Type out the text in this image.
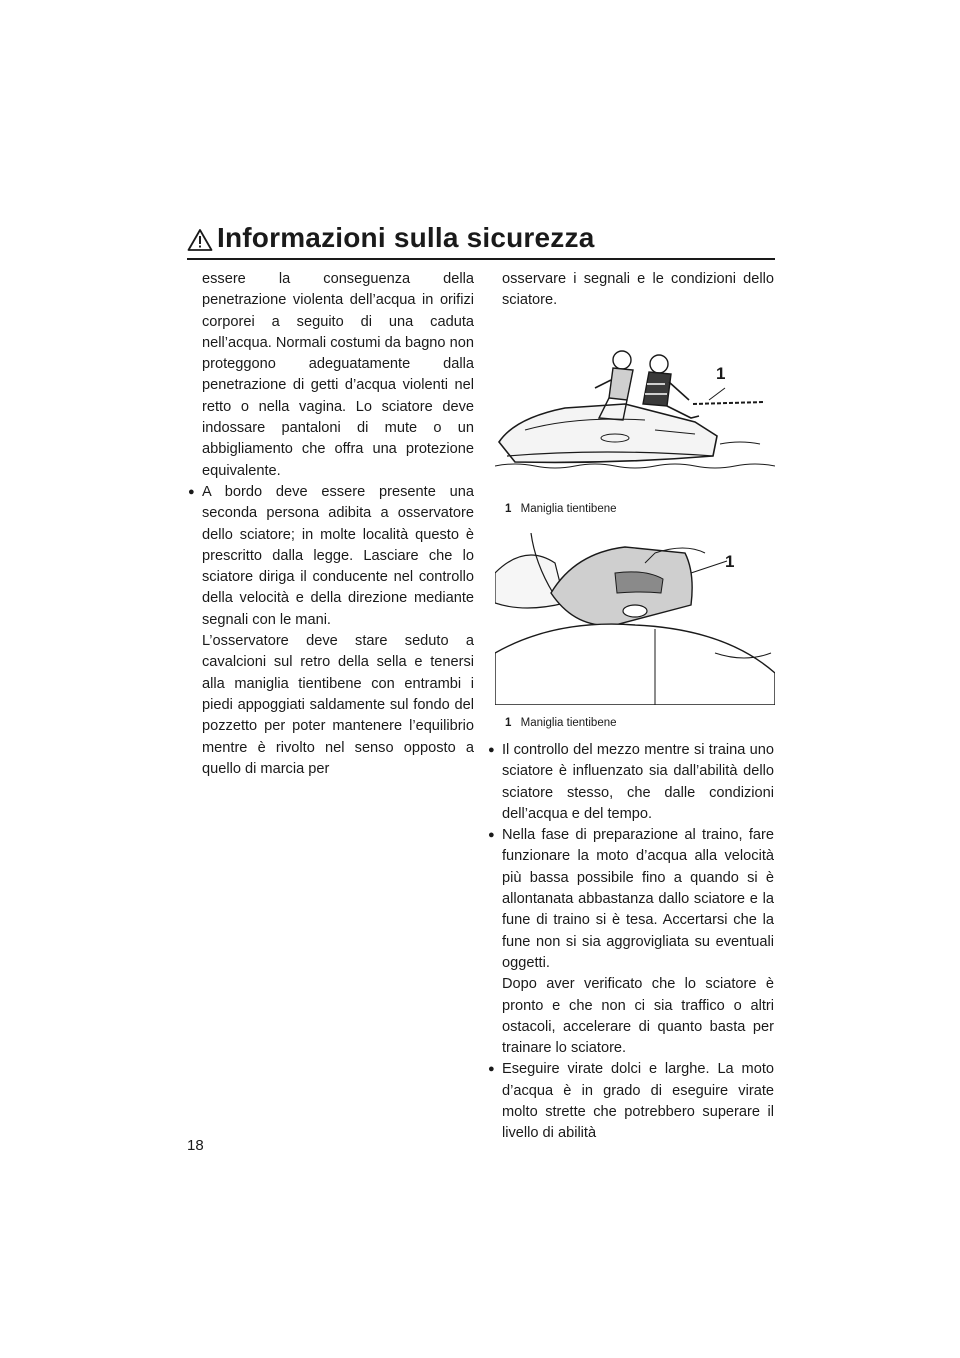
Informazioni sulla sicurezza

essere la conseguenza della penetrazione violenta dell’acqua in orifizi corporei a seguito di una caduta nell’acqua. Normali costumi da bagno non proteggono adeguatamente dalla penetrazione di getti d’acqua violenti nel retto o nella vagina. Lo sciatore deve indossare pantaloni di mute o un abbigliamento che offra una protezione equivalente.

● A bordo deve essere presente una seconda persona adibita a osservatore dello sciatore; in molte località questo è prescritto dalla legge. Lasciare che lo sciatore diriga il conducente nel controllo della velocità e della direzione mediante segnali con le mani.

L’osservatore deve stare seduto a cavalcioni sul retro della sella e tenersi alla maniglia tientibene con entrambi i piedi appoggiati saldamente sul fondo del pozzetto per poter mantenere l’equilibrio mentre è rivolto nel senso opposto a quello di marcia per

osservare i segnali e le condizioni dello sciatore.

1
1 Maniglia tientibene
1
1 Maniglia tientibene
● Il controllo del mezzo mentre si traina uno sciatore è influenzato sia dall’abilità dello sciatore stesso, che dalle condizioni dell’acqua e del tempo.

● Nella fase di preparazione al traino, fare funzionare la moto d’acqua alla velocità più bassa possibile fino a quando si è allontanata abbastanza dallo sciatore e la fune di traino si è tesa. Accertarsi che la fune non si sia aggrovigliata su eventuali oggetti.

Dopo aver verificato che lo sciatore è pronto e che non ci sia traffico o altri ostacoli, accelerare di quanto basta per trainare lo sciatore.

● Eseguire virate dolci e larghe. La moto d’acqua è in grado di eseguire virate molto strette che potrebbero superare il livello di abilità

18
